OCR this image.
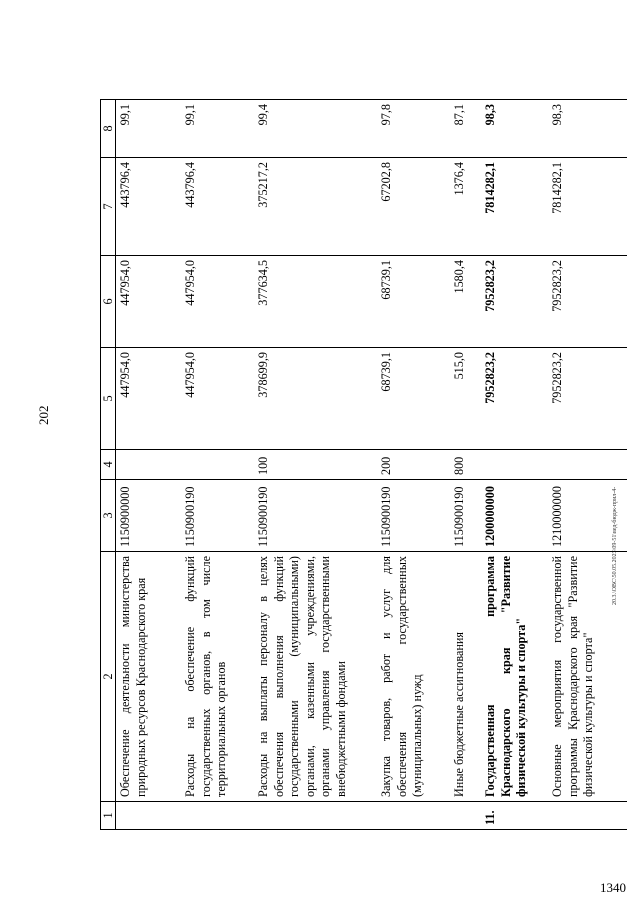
202
20.3.\ОВС\50.05.2023\09-51\вед-бюдж-прил-4-
1340
1	2	3	4	5	6	7	8
	Обеспечение деятельности министерства природных ресурсов Краснодарского края	1150900000		447954,0	447954,0	443796,4	99,1
	Расходы на обеспечение функций государственных органов, в том числе территориальных органов	1150900190		447954,0	447954,0	443796,4	99,1
	Расходы на выплаты персоналу в целях обеспечения выполнения функций государственными (муниципальными) органами, казенными учреждениями, органами управления государственными внебюджетными фондами	1150900190	100	378699,9	377634,5	375217,2	99,4
	Закупка товаров, работ и услуг для обеспечения государственных (муниципальных) нужд	1150900190	200	68739,1	68739,1	67202,8	97,8
	Иные бюджетные ассигнования	1150900190	800	515,0	1580,4	1376,4	87,1
11.	Государственная программа Краснодарского края "Развитие физической культуры и спорта"	1200000000		7952823,2	7952823,2	7814282,1	98,3
	Основные мероприятия государственной программы Краснодарского края "Развитие физической культуры и спорта"	1210000000		7952823,2	7952823,2	7814282,1	98,3
